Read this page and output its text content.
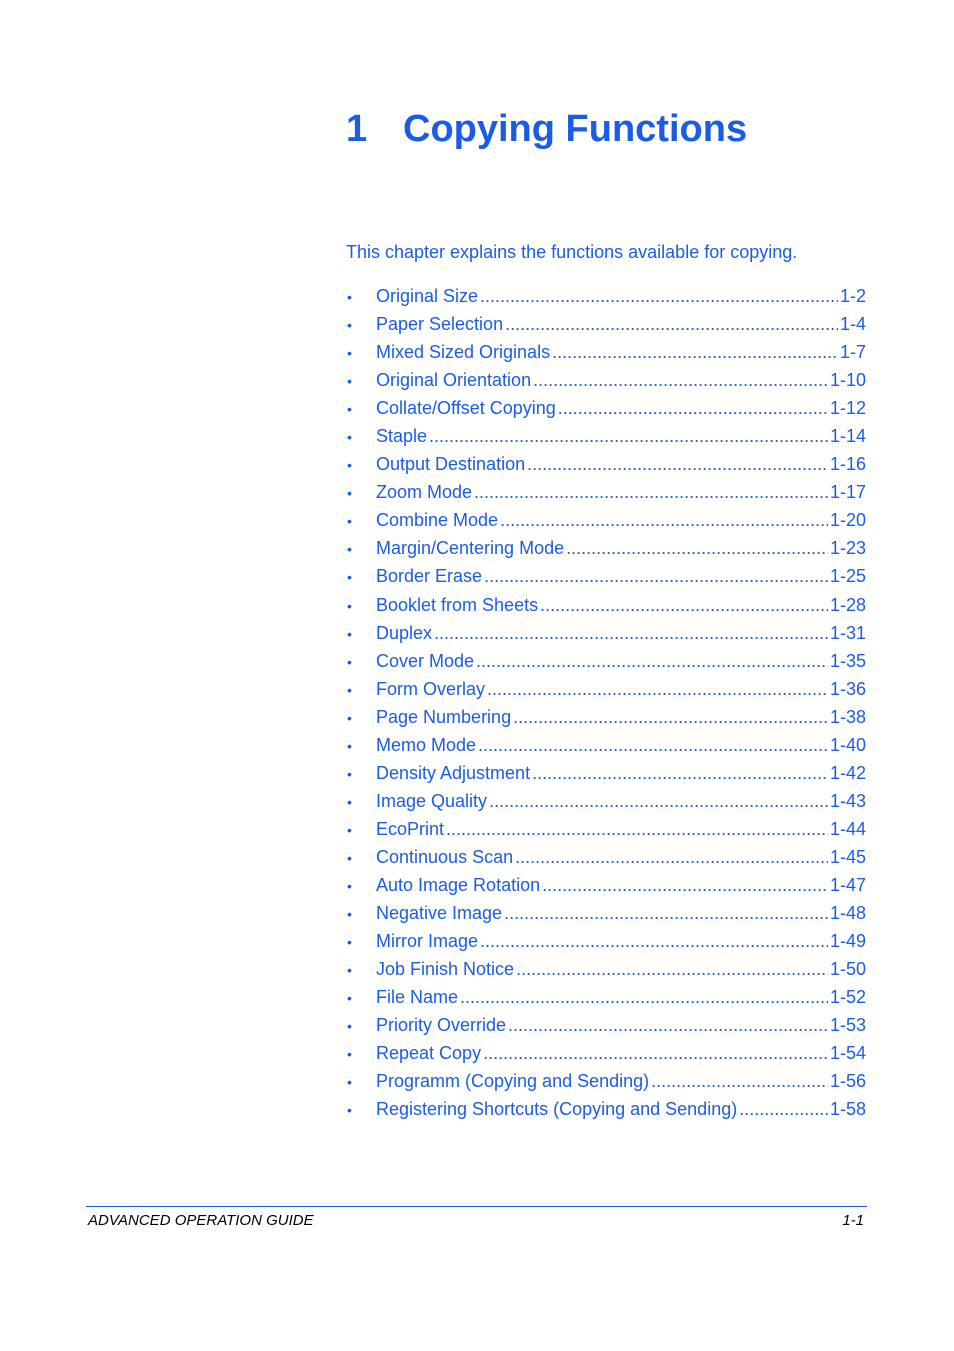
1 Copying Functions

This chapter explains the functions available for copying.

•	Original Size .....	1-2
•	Paper Selection .....	1-4
•	Mixed Sized Originals .....	1-7
•	Original Orientation .....	1-10
•	Collate/Offset Copying .....	1-12
•	Staple .....	1-14
•	Output Destination .....	1-16
•	Zoom Mode .....	1-17
•	Combine Mode .....	1-20
•	Margin/Centering Mode .....	1-23
•	Border Erase .....	1-25
•	Booklet from Sheets .....	1-28
•	Duplex .....	1-31
•	Cover Mode .....	1-35
•	Form Overlay .....	1-36
•	Page Numbering .....	1-38
•	Memo Mode .....	1-40
•	Density Adjustment .....	1-42
•	Image Quality .....	1-43
•	EcoPrint .....	1-44
•	Continuous Scan .....	1-45
•	Auto Image Rotation .....	1-47
•	Negative Image .....	1-48
•	Mirror Image .....	1-49
•	Job Finish Notice .....	1-50
•	File Name .....	1-52
•	Priority Override .....	1-53
•	Repeat Copy .....	1-54
•	Programm (Copying and Sending) .....	1-56
•	Registering Shortcuts (Copying and Sending) .....	1-58
ADVANCED OPERATION GUIDE	1-1
